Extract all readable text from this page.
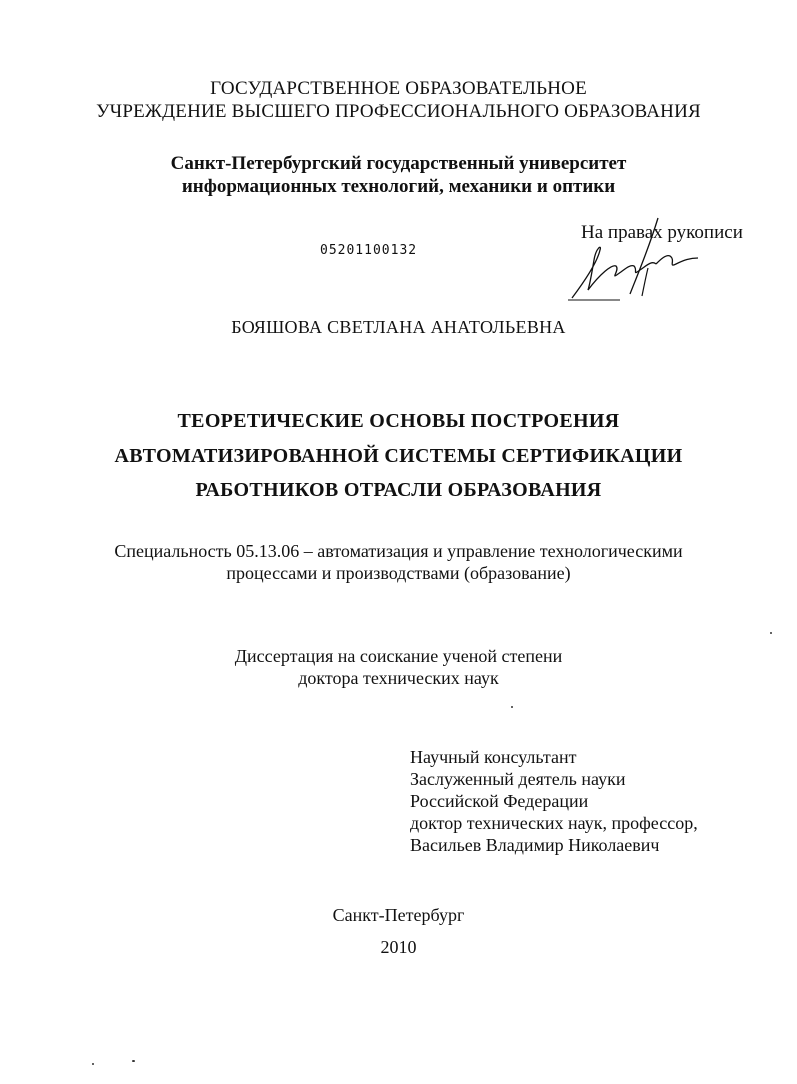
ГОСУДАРСТВЕННОЕ ОБРАЗОВАТЕЛЬНОЕ
УЧРЕЖДЕНИЕ ВЫСШЕГО ПРОФЕССИОНАЛЬНОГО ОБРАЗОВАНИЯ
Санкт-Петербургский государственный университет
информационных технологий, механики и оптики
05201100132
На правах рукописи
БОЯШОВА СВЕТЛАНА АНАТОЛЬЕВНА
ТЕОРЕТИЧЕСКИЕ ОСНОВЫ ПОСТРОЕНИЯ
АВТОМАТИЗИРОВАННОЙ СИСТЕМЫ СЕРТИФИКАЦИИ
РАБОТНИКОВ ОТРАСЛИ ОБРАЗОВАНИЯ
Специальность 05.13.06 – автоматизация и управление технологическими
процессами и производствами (образование)
Диссертация на соискание ученой степени
доктора технических наук
Научный консультант
Заслуженный деятель науки
Российской Федерации
доктор технических наук, профессор,
Васильев Владимир Николаевич
Санкт-Петербург
2010
